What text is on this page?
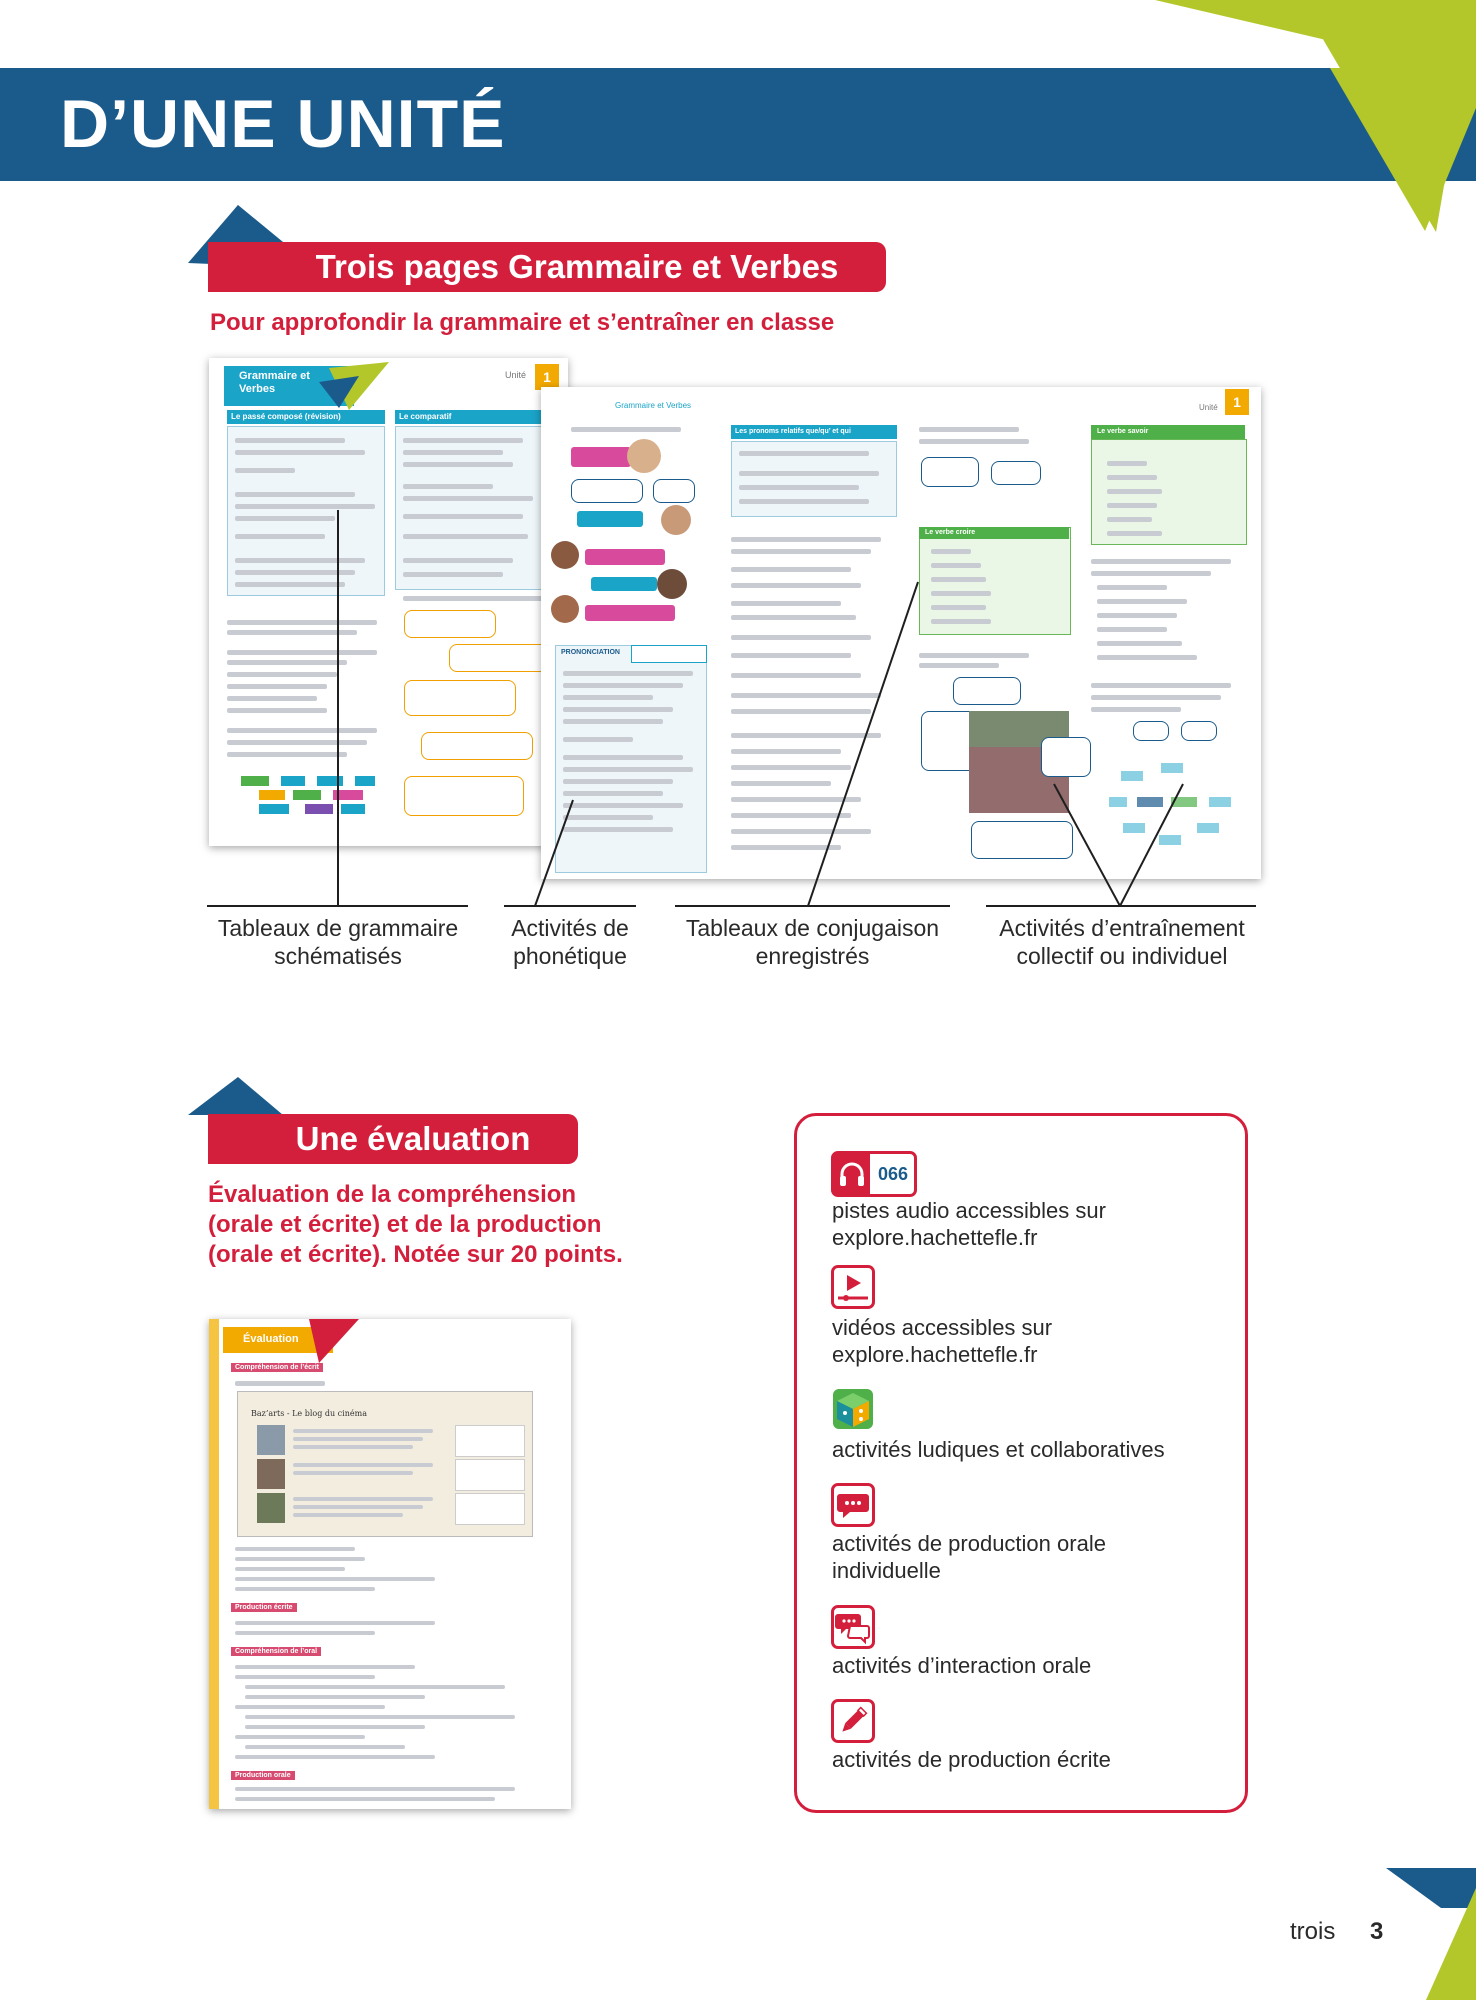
D’UNE UNITÉ
Trois pages Grammaire et Verbes
Pour approfondir la grammaire et s’entraîner en classe
Grammaire et Verbes
Unité	1
Le passé composé (révision)	Le comparatif
Grammaire et Verbes	Unité	1
PRONONCIATION
Les pronoms relatifs que/qu’ et qui
Le verbe croire
Le verbe savoir
Tableaux de grammaire schématisés
Activités de phonétique
Tableaux de conjugaison enregistrés
Activités d’entraînement collectif ou individuel
Une évaluation
Évaluation de la compréhension (orale et écrite) et de la production (orale et écrite). Notée sur 20 points.
Évaluation
Compréhension de l’écrit
Baz’arts - Le blog du cinéma
Production écrite
Compréhension de l’oral
Production orale
066
pistes audio accessibles sur explore.hachettefle.fr
vidéos accessibles sur explore.hachettefle.fr
activités ludiques et collaboratives
activités de production orale individuelle
activités d’interaction orale
activités de production écrite
trois 3
